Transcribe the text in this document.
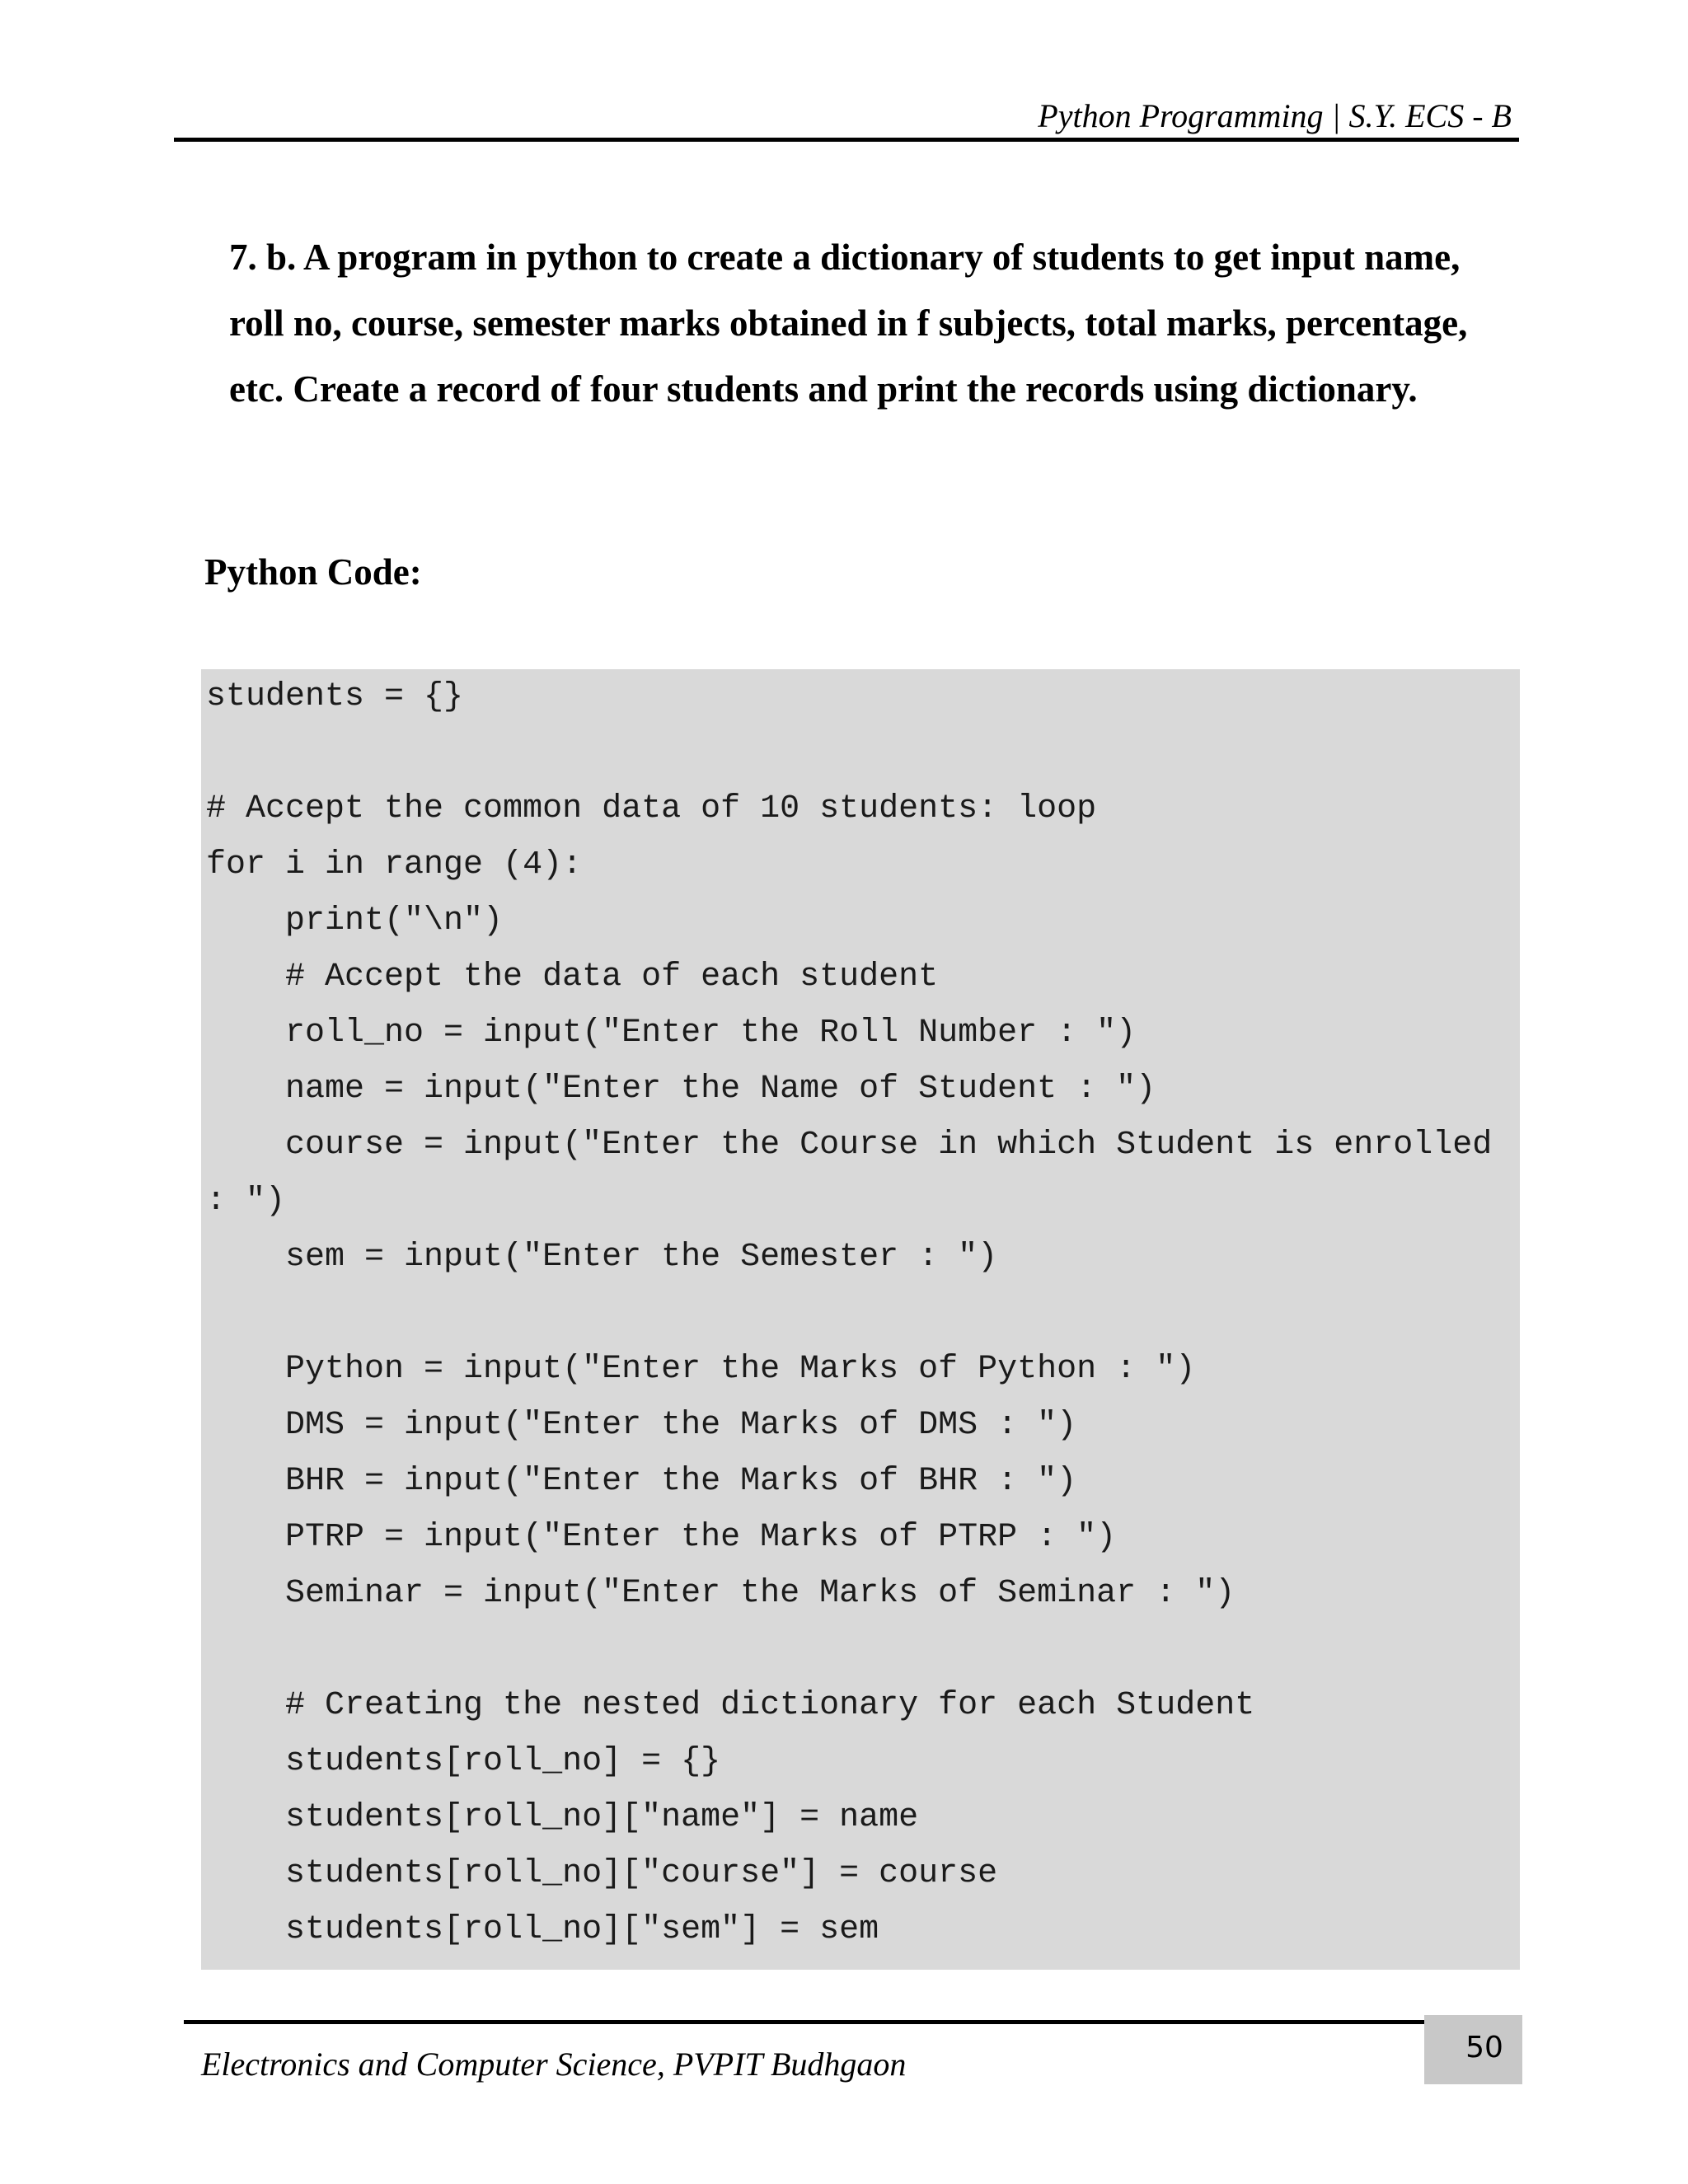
Python Programming | S.Y. ECS - B
7. b. A program in python to create a dictionary of students to get input name,
roll no, course, semester marks obtained in f subjects, total marks, percentage,
etc. Create a record of four students and print the records using dictionary.
Python Code:
students = {}
# Accept the common data of 10 students: loop
for i in range (4):
print("\n")
# Accept the data of each student
roll_no = input("Enter the Roll Number : ")
name = input("Enter the Name of Student : ")
course = input("Enter the Course in which Student is enrolled
: ")
sem = input("Enter the Semester : ")
Python = input("Enter the Marks of Python : ")
DMS = input("Enter the Marks of DMS : ")
BHR = input("Enter the Marks of BHR : ")
PTRP = input("Enter the Marks of PTRP : ")
Seminar = input("Enter the Marks of Seminar : ")
# Creating the nested dictionary for each Student
students[roll_no] = {}
students[roll_no]["name"] = name
students[roll_no]["course"] = course
students[roll_no]["sem"] = sem
50
Electronics and Computer Science, PVPIT Budhgaon
